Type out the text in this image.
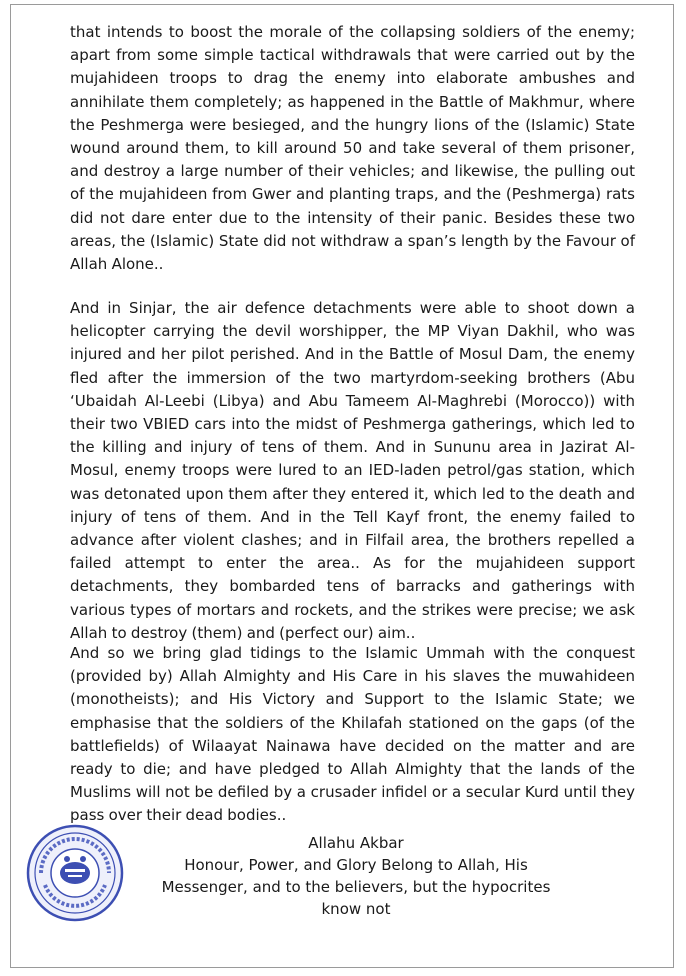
that intends to boost the morale of the collapsing soldiers of the enemy; apart from some simple tactical withdrawals that were carried out by the mujahideen troops to drag the enemy into elaborate ambushes and annihilate them completely; as happened in the Battle of Makhmur, where the Peshmerga were besieged, and the hungry lions of the (Islamic) State wound around them, to kill around 50 and take several of them prisoner, and destroy a large number of their vehicles; and likewise, the pulling out of the mujahideen from Gwer and planting traps, and the (Peshmerga) rats did not dare enter due to the intensity of their panic. Besides these two areas, the (Islamic) State did not withdraw a span’s length by the Favour of Allah Alone..

And in Sinjar, the air defence detachments were able to shoot down a helicopter carrying the devil worshipper, the MP Viyan Dakhil, who was injured and her pilot perished. And in the Battle of Mosul Dam, the enemy fled after the immersion of the two martyrdom-seeking brothers (Abu ‘Ubaidah Al-Leebi (Libya) and Abu Tameem Al-Maghrebi (Morocco)) with their two VBIED cars into the midst of Peshmerga gatherings, which led to the killing and injury of tens of them. And in Sununu area in Jazirat Al-Mosul, enemy troops were lured to an IED-laden petrol/gas station, which was detonated upon them after they entered it, which led to the death and injury of tens of them. And in the Tell Kayf front, the enemy failed to advance after violent clashes; and in Filfail area, the brothers repelled a failed attempt to enter the area.. As for the mujahideen support detachments, they bombarded tens of barracks and gatherings with various types of mortars and rockets, and the strikes were precise; we ask Allah to destroy (them) and (perfect our) aim..

And so we bring glad tidings to the Islamic Ummah with the conquest (provided by) Allah Almighty and His Care in his slaves the muwahideen (monotheists); and His Victory and Support to the Islamic State; we emphasise that the soldiers of the Khilafah stationed on the gaps (of the battlefields) of Wilaayat Nainawa have decided on the matter and are ready to die; and have pledged to Allah Almighty that the lands of the Muslims will not be defiled by a crusader infidel or a secular Kurd until they pass over their dead bodies..

Allahu Akbar
Honour, Power, and Glory Belong to Allah, His
Messenger, and to the believers, but the hypocrites
know not
